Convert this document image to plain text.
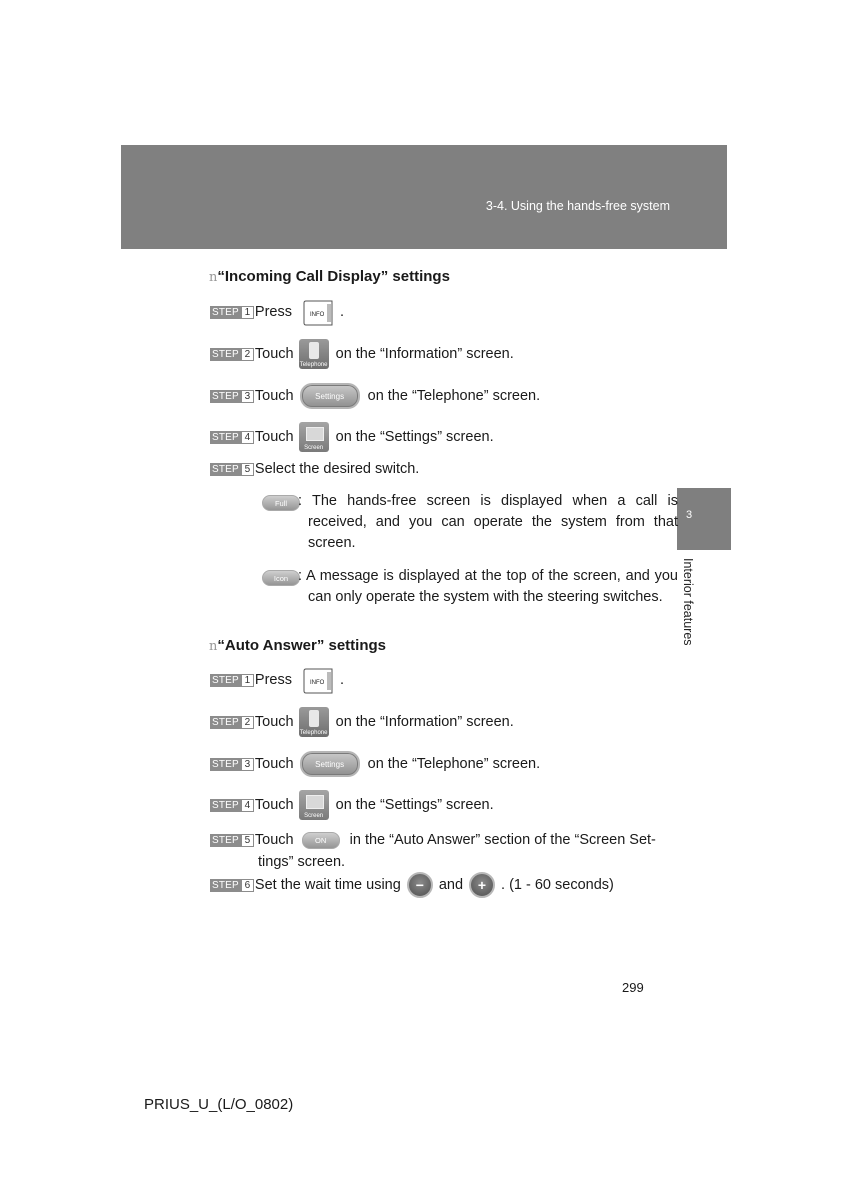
3-4. Using the hands-free system
3
Interior features
n“Incoming Call Display” settings
STEP 1 Press	INFO .
STEP 2 Touch
Telephone
on the “Information” screen.
STEP 3 Touch	Settings	on the “Telephone” screen.
STEP 4 Touch
Screen
on the “Settings” screen.
STEP 5 Select the desired switch.
Full : The hands-free screen is displayed when a call is received, and you can operate the system from that screen.
Icon : A message is displayed at the top of the screen, and you can only operate the system with the steering switches.
n“Auto Answer” settings
STEP 1 Press	INFO .
STEP 2 Touch
Telephone
on the “Information” screen.
STEP 3 Touch	Settings	on the “Telephone” screen.
STEP 4 Touch
Screen
on the “Settings” screen.
STEP 5 Touch	ON	in the “Auto Answer” section of the “Screen Set-
tings” screen.
STEP 6 Set the wait time using	−	and	+	. (1 - 60 seconds)
299
PRIUS_U_(L/O_0802)
